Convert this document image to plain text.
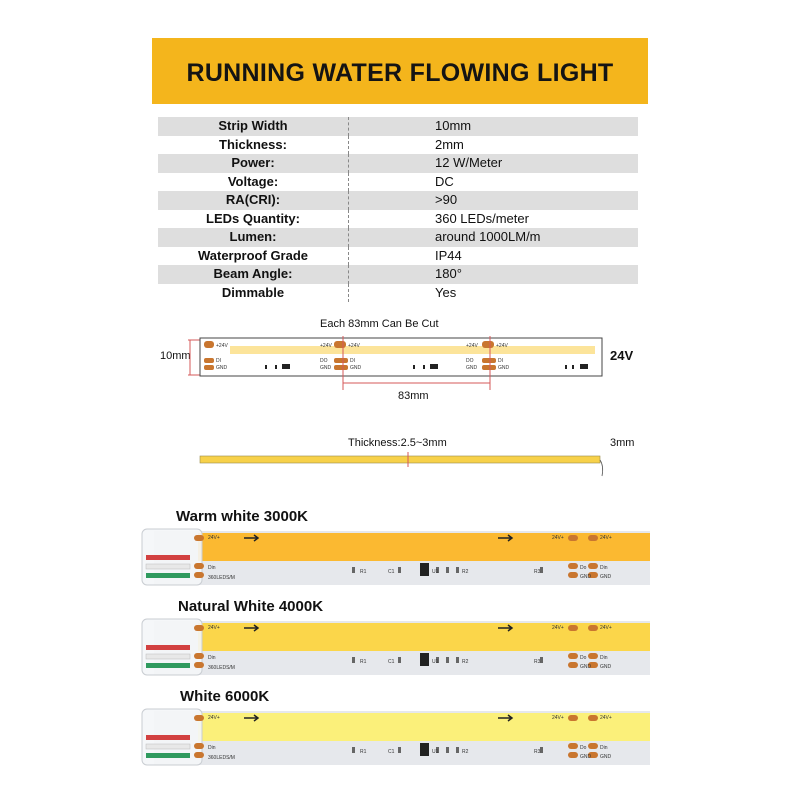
RUNNING WATER FLOWING LIGHT
Strip Width	10mm
Thickness:	2mm
Power:	12 W/Meter
Voltage:	DC
RA(CRI):	>90
LEDs Quantity:	360 LEDs/meter
Lumen:	around 1000LM/m
Waterproof Grade	IP44
Beam Angle:	180°
Dimmable	Yes
Each 83mm Can Be Cut
10mm	24V
+24V
DI
GND
+24V	+24V
DO
GND
DI
GND
+24V	+24V
DO
GND
DI
GND
83mm
Thickness:2.5~3mm	3mm
Warm white 3000K
Natural White 4000K
White 6000K
360LEDS/M
24V+
Din
24V+	24V+
Do
GND
Din
GND
R1	C1	U1	R2	R3
360LEDS/M
24V+
Din
24V+	24V+
Do
GND
Din
GND
R1	C1	U1	R2	R3
360LEDS/M
24V+
Din
24V+	24V+
Do
GND
Din
GND
R1	C1	U1	R2	R3
